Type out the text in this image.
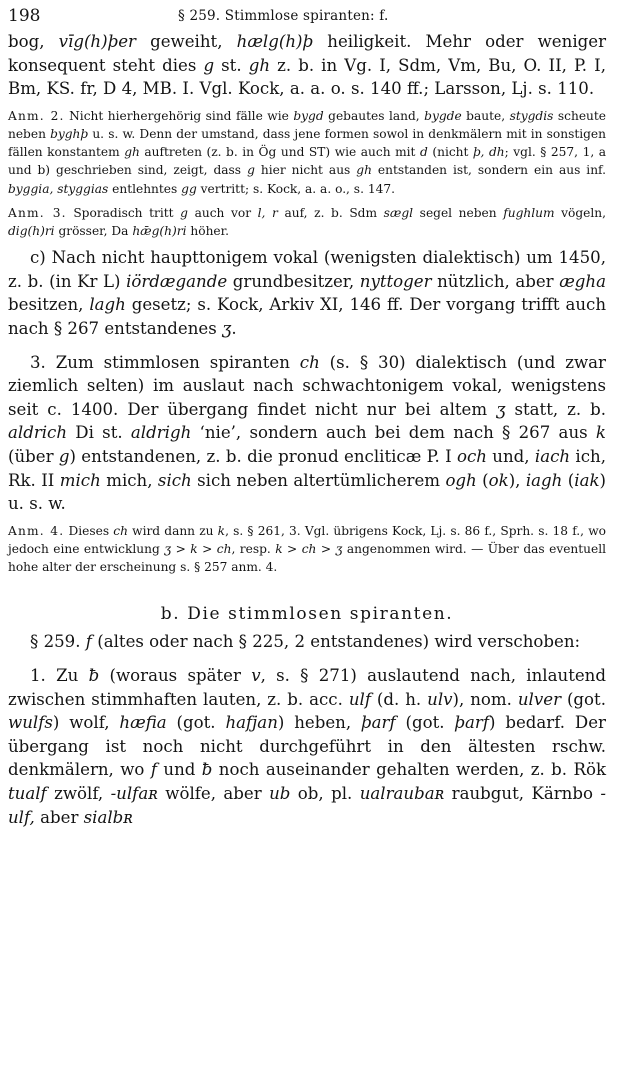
198	§ 259. Stimmlose spiranten: f.

bog, vīg(h)þer geweiht, hælg(h)þ heiligkeit. Mehr oder weniger konsequent steht dies g st. gh z. b. in Vg. I, Sdm, Vm, Bu, O. II, P. I, Bm, KS. fr, D 4, MB. I. Vgl. Kock, a. a. o. s. 140 ff.; Larsson, Lj. s. 110.

Anm. 2. Nicht hierhergehörig sind fälle wie bygd gebautes land, bygde baute, stygdis scheute neben byghþ u. s. w. Denn der umstand, dass jene formen sowol in denkmälern mit in sonstigen fällen konstantem gh auftreten (z. b. in Ög und ST) wie auch mit d (nicht þ, dh; vgl. § 257, 1, a und b) geschrieben sind, zeigt, dass g hier nicht aus gh entstanden ist, sondern ein aus inf. byggia, styggias entlehntes gg vertritt; s. Kock, a. a. o., s. 147.

Anm. 3. Sporadisch tritt g auch vor l, r auf, z. b. Sdm sægl segel neben fughlum vögeln, dig(h)ri grösser, Da hǣg(h)ri höher.

c) Nach nicht haupttonigem vokal (wenigsten dialektisch) um 1450, z. b. (in Kr L) iördægande grundbesitzer, nyttoger nützlich, aber ægha besitzen, lagh gesetz; s. Kock, Arkiv XI, 146 ff. Der vorgang trifft auch nach § 267 entstandenes ʒ.

3. Zum stimmlosen spiranten ch (s. § 30) dialektisch (und zwar ziemlich selten) im auslaut nach schwachtonigem vokal, wenigstens seit c. 1400. Der übergang findet nicht nur bei altem ʒ statt, z. b. aldrich Di st. aldrigh ‘nie’, sondern auch bei dem nach § 267 aus k (über g) entstandenen, z. b. die pronud encliticæ P. I och und, iach ich, Rk. II mich mich, sich sich neben altertümlicherem ogh (ok), iagh (iak) u. s. w.

Anm. 4. Dieses ch wird dann zu k, s. § 261, 3. Vgl. übrigens Kock, Lj. s. 86 f., Sprh. s. 18 f., wo jedoch eine entwicklung ʒ > k > ch, resp. k > ch > ʒ angenommen wird. — Über das eventuell hohe alter der erscheinung s. § 257 anm. 4.

b. Die stimmlosen spiranten.

§ 259. f (altes oder nach § 225, 2 entstandenes) wird verschoben:

1. Zu ƀ (woraus später v, s. § 271) auslautend nach, inlautend zwischen stimmhaften lauten, z. b. acc. ulf (d. h. ulv), nom. ulver (got. wulfs) wolf, hæfia (got. hafjan) heben, þarf (got. þarf) bedarf. Der übergang ist noch nicht durchgeführt in den ältesten rschw. denkmälern, wo f und ƀ noch auseinander gehalten werden, z. b. Rök tualf zwölf, -ulfaʀ wölfe, aber ub ob, pl. ualraubaʀ raubgut, Kärnbo -ulf, aber sialbʀ
